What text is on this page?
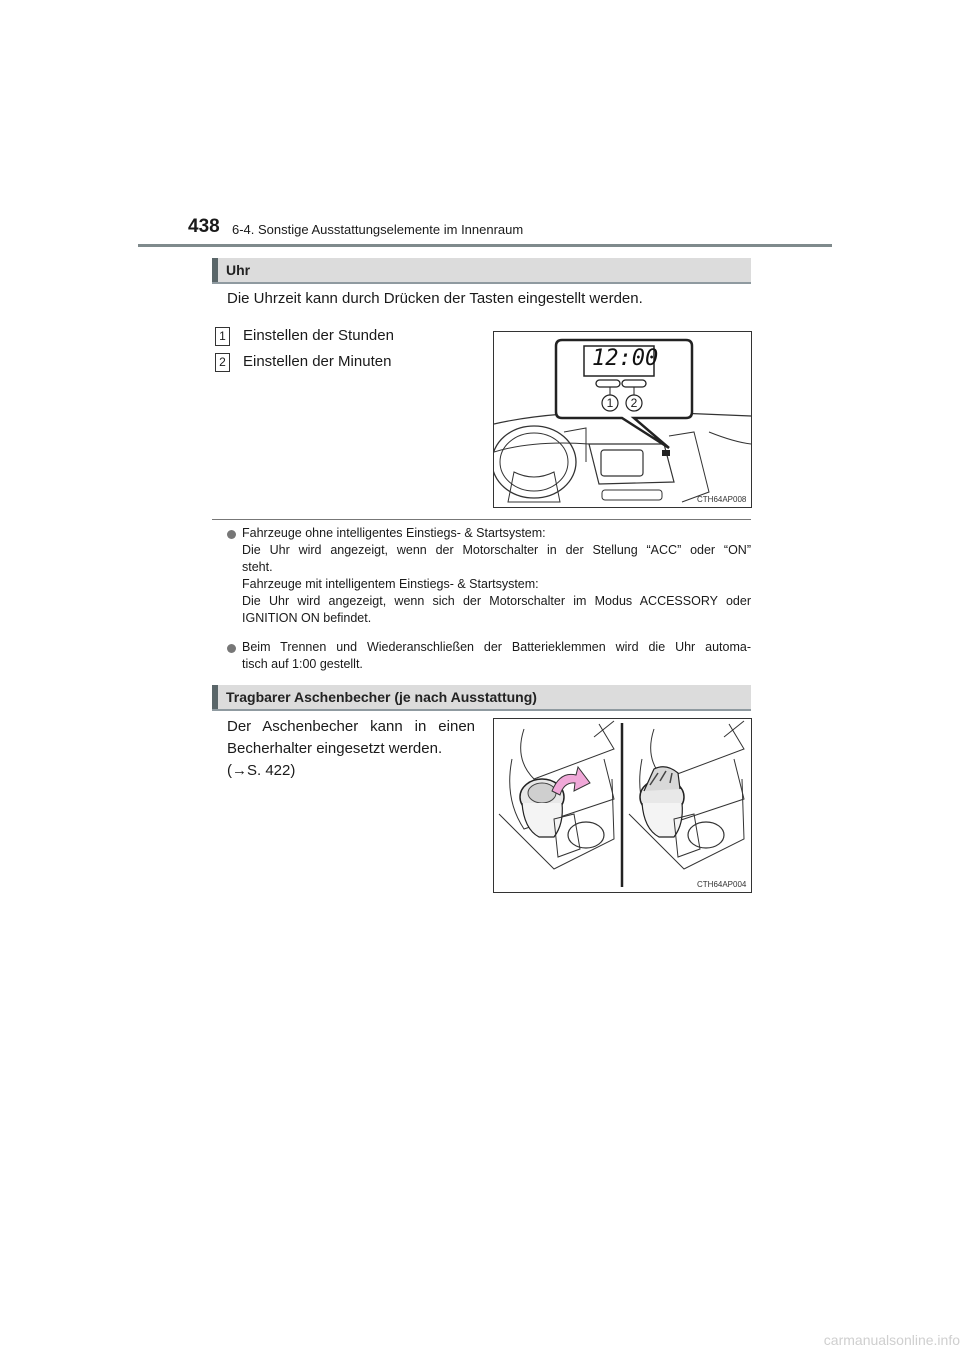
438 6-4. Sonstige Ausstattungselemente im Innenraum
Uhr
Die Uhrzeit kann durch Drücken der Tasten eingestellt werden.
1 Einstellen der Stunden
2 Einstellen der Minuten	12:00
1 2
CTH64AP008
Fahrzeuge ohne intelligentes Einstiegs- & Startsystem:
Die Uhr wird angezeigt, wenn der Motorschalter in der Stellung “ACC” oder “ON”
steht.
Fahrzeuge mit intelligentem Einstiegs- & Startsystem:
Die Uhr wird angezeigt, wenn sich der Motorschalter im Modus ACCESSORY oder
IGNITION ON befindet.
Beim Trennen und Wiederanschließen der Batterieklemmen wird die Uhr automa-
tisch auf 1:00 gestellt.
Tragbarer Aschenbecher (je nach Ausstattung)
Der Aschenbecher kann in einen
Becherhalter eingesetzt werden.
(→S. 422)
CTH64AP004
carmanualsonline.info
